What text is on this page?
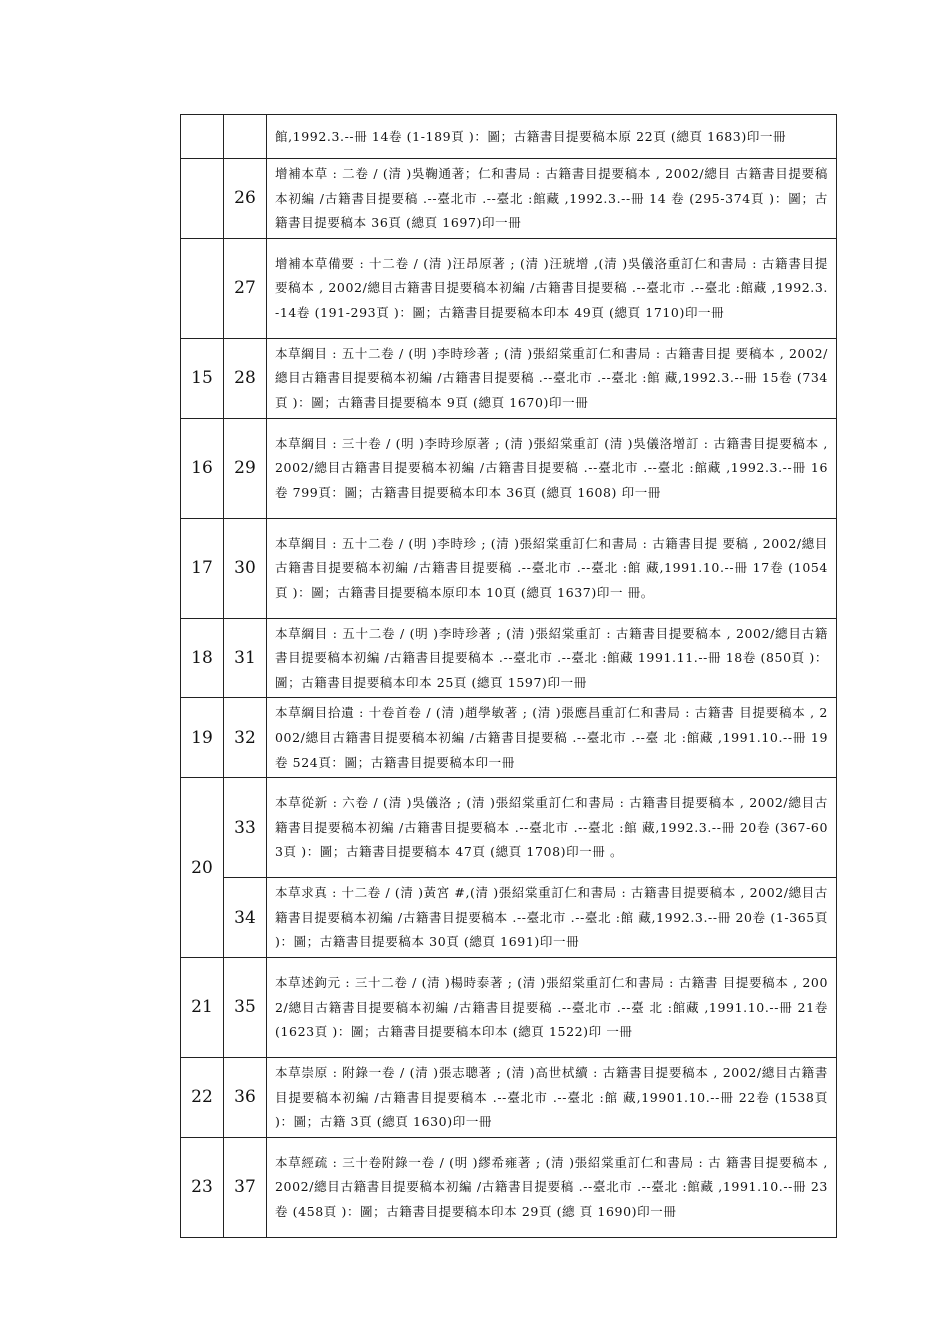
		館,1992.3.--冊 14卷 (1-189頁 )：圖；古籍書目提要稿本原 22頁 (總頁 1683)印一冊
	26	增補本草 : 二卷 / (清 )吳鞠通著；仁和書局 : 古籍書目提要稿本 , 2002/總目 古籍書目提要稿本初編 /古籍書目提要稿 .--臺北市 .--臺北 :館藏 ,1992.3.--冊 14 卷 (295-374頁 )：圖；古籍書目提要稿本 36頁 (總頁 1697)印一冊
	27	增補本草備要 : 十二卷 / (清 )汪昂原著 ; (清 )汪琥增 ,(清 )吳儀洛重訂仁和書局 : 古籍書目提要稿本 , 2002/總目古籍書目提要稿本初編 /古籍書目提要稿 .--臺北市 .--臺北 :館藏 ,1992.3.-14卷 (191-293頁 )：圖；古籍書目提要稿本印本 49頁 (總頁 1710)印一冊
15	28	本草綱目 : 五十二卷 / (明 )李時珍著 ; (清 )張紹棠重訂仁和書局 : 古籍書目提 要稿本 , 2002/總目古籍書目提要稿本初編 /古籍書目提要稿 .--臺北市 .--臺北 :館 藏,1992.3.--冊 15卷 (734頁 )：圖；古籍書目提要稿本 9頁 (總頁 1670)印一冊
16	29	本草綱目 : 三十卷 / (明 )李時珍原著 ; (清 )張紹棠重訂 (清 )吳儀洛增訂 : 古籍書目提要稿本 , 2002/總目古籍書目提要稿本初編 /古籍書目提要稿 .--臺北市 .--臺北 :館藏 ,1992.3.--冊 16卷 799頁：圖；古籍書目提要稿本印本 36頁 (總頁 1608) 印一冊
17	30	本草綱目 : 五十二卷 / (明 )李時珍 ; (清 )張紹棠重訂仁和書局 : 古籍書目提 要稿 , 2002/總目古籍書目提要稿本初編 /古籍書目提要稿 .--臺北市 .--臺北 :館 藏,1991.10.--冊 17卷 (1054頁 )：圖；古籍書目提要稿本原印本 10頁 (總頁 1637)印一 冊。
18	31	本草綱目 : 五十二卷 / (明 )李時珍著 ; (清 )張紹棠重訂 : 古籍書目提要稿本 , 2002/總目古籍書目提要稿本初編 /古籍書目提要稿本 .--臺北市 .--臺北 :館藏 1991.11.--冊 18卷 (850頁 )：圖；古籍書目提要稿本印本 25頁 (總頁 1597)印一冊
19	32	本草綱目拾遺 : 十卷首卷 / (清 )趙學敏著 ; (清 )張應昌重訂仁和書局 : 古籍書 目提要稿本 , 2002/總目古籍書目提要稿本初編 /古籍書目提要稿 .--臺北市 .--臺 北 :館藏 ,1991.10.--冊 19卷 524頁：圖；古籍書目提要稿本印一冊
20	33	本草從新 : 六卷 / (清 )吳儀洛 ; (清 )張紹棠重訂仁和書局 : 古籍書目提要稿本 , 2002/總目古籍書目提要稿本初編 /古籍書目提要稿本 .--臺北市 .--臺北 :館 藏,1992.3.--冊 20卷 (367-603頁 )：圖；古籍書目提要稿本 47頁 (總頁 1708)印一冊 。
	34	本草求真 : 十二卷 / (清 )黃宮 #,(清 )張紹棠重訂仁和書局 : 古籍書目提要稿本 , 2002/總目古籍書目提要稿本初編 /古籍書目提要稿本 .--臺北市 .--臺北 :館 藏,1992.3.--冊 20卷 (1-365頁 )：圖；古籍書目提要稿本 30頁 (總頁 1691)印一冊
21	35	本草述鉤元 : 三十二卷 / (清 )楊時泰著 ; (清 )張紹棠重訂仁和書局 : 古籍書 目提要稿本 , 2002/總目古籍書目提要稿本初編 /古籍書目提要稿 .--臺北市 .--臺 北 :館藏 ,1991.10.--冊 21卷 (1623頁 )：圖；古籍書目提要稿本印本 (總頁 1522)印 一冊
22	36	本草崇原 : 附錄一卷 / (清 )張志聰著 ; (清 )高世栻續 : 古籍書目提要稿本 , 2002/總目古籍書目提要稿本初編 /古籍書目提要稿本 .--臺北市 .--臺北 :館 藏,19901.10.--冊 22卷 (1538頁 )：圖；古籍 3頁 (總頁 1630)印一冊
23	37	本草經疏 : 三十卷附錄一卷 / (明 )繆希雍著 ; (清 )張紹棠重訂仁和書局 : 古 籍書目提要稿本 , 2002/總目古籍書目提要稿本初編 /古籍書目提要稿 .--臺北市 .--臺北 :館藏 ,1991.10.--冊 23卷 (458頁 )：圖；古籍書目提要稿本印本 29頁 (總 頁 1690)印一冊
